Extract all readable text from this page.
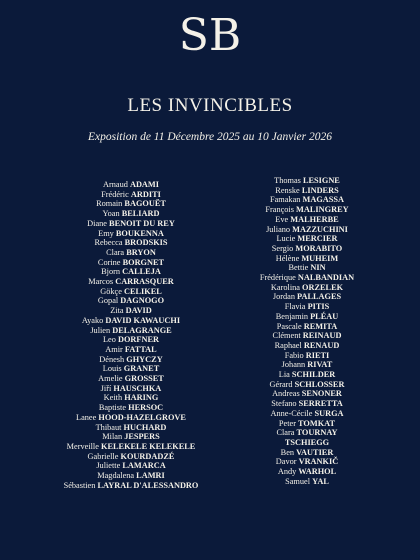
SB
LES INVINCIBLES
Exposition de 11 Décembre 2025 au 10 Janvier 2026
Arnaud ADAMI
Frédéric ARDITI
Romain BAGOUËT
Yoan BELIARD
Diane BENOIT DU REY
Emy BOUKENNA
Rebecca BRODSKIS
Clara BRYON
Corine BORGNET
Bjorn CALLEJA
Marcos CARRASQUER
Gökçe CELIKEL
Gopal DAGNOGO
Zita DAVID
Ayako DAVID KAWAUCHI
Julien DELAGRANGE
Leo DORFNER
Amir FATTAL
Dénesh GHYCZY
Louis GRANET
Amelie GROSSET
Jiří HAUSCHKA
Keith HARING
Baptiste HERSOC
Lanee HOOD-HAZELGROVE
Thibaut HUCHARD
Milan JESPERS
Merveille KELEKELE KELEKELE
Gabrielle KOURDADZÉ
Juliette LAMARCA
Magdalena LAMRI
Sébastien LAYRAL D'ALESSANDRO
Thomas LESIGNE
Renske LINDERS
Famakan MAGASSA
François MALINGREY
Eve MALHERBE
Juliano MAZZUCHINI
Lucie MERCIER
Sergio MORABITO
Hélène MUHEIM
Bettie NIN
Frédérique NALBANDIAN
Karolina ORZELEK
Jordan PALLAGES
Flavia PITIS
Benjamin PLÉAU
Pascale REMITA
Clément REINAUD
Raphael RENAUD
Fabio RIETI
Johann RIVAT
Lia SCHILDER
Gérard SCHLOSSER
Andreas SENONER
Stefano SERRETTA
Anne-Cécile SURGA
Peter TOMKAT
Clara TOURNAY
TSCHIEGG
Ben VAUTIER
Davor VRANKIČ
Andy WARHOL
Samuel YAL
